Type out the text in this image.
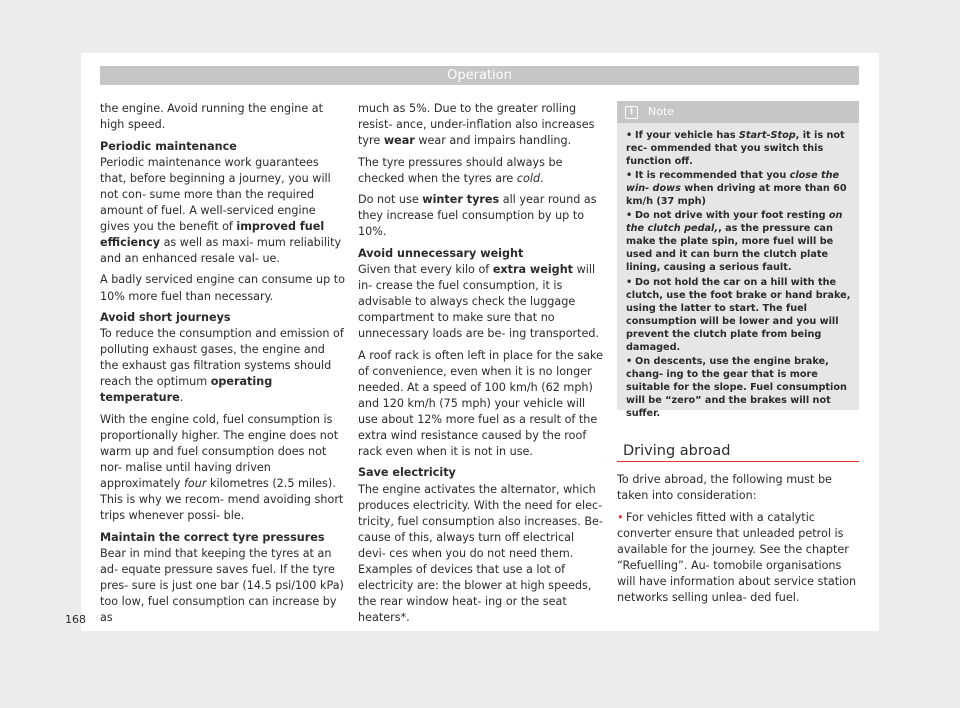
Operation

the engine. Avoid running the engine at high speed.

Periodic maintenance

Periodic maintenance work guarantees that, before beginning a journey, you will not con- sume more than the required amount of fuel. A well-serviced engine gives you the benefit of improved fuel efficiency as well as maxi- mum reliability and an enhanced resale val- ue.

A badly serviced engine can consume up to 10% more fuel than necessary.

Avoid short journeys

To reduce the consumption and emission of polluting exhaust gases, the engine and the exhaust gas filtration systems should reach the optimum operating temperature.

With the engine cold, fuel consumption is proportionally higher. The engine does not warm up and fuel consumption does not nor- malise until having driven approximately four kilometres (2.5 miles). This is why we recom- mend avoiding short trips whenever possi- ble.

Maintain the correct tyre pressures

Bear in mind that keeping the tyres at an ad- equate pressure saves fuel. If the tyre pres- sure is just one bar (14.5 psi/100 kPa) too low, fuel consumption can increase by as

much as 5%. Due to the greater rolling resist- ance, under-inflation also increases tyre wear wear and impairs handling.

The tyre pressures should always be checked when the tyres are cold.

Do not use winter tyres all year round as they increase fuel consumption by up to 10%.

Avoid unnecessary weight

Given that every kilo of extra weight will in- crease the fuel consumption, it is advisable to always check the luggage compartment to make sure that no unnecessary loads are be- ing transported.

A roof rack is often left in place for the sake of convenience, even when it is no longer needed. At a speed of 100 km/h (62 mph) and 120 km/h (75 mph) your vehicle will use about 12% more fuel as a result of the extra wind resistance caused by the roof rack even when it is not in use.

Save electricity

The engine activates the alternator, which produces electricity. With the need for elec- tricity, fuel consumption also increases. Be- cause of this, always turn off electrical devi- ces when you do not need them. Examples of devices that use a lot of electricity are: the blower at high speeds, the rear window heat- ing or the seat heaters*.

i	Note
• If your vehicle has Start-Stop, it is not rec- ommended that you switch this function off.
• It is recommended that you close the win- dows when driving at more than 60 km/h (37 mph)
• Do not drive with your foot resting on the clutch pedal,, as the pressure can make the plate spin, more fuel will be used and it can burn the clutch plate lining, causing a serious fault.
• Do not hold the car on a hill with the clutch, use the foot brake or hand brake, using the latter to start. The fuel consumption will be lower and you will prevent the clutch plate from being damaged.
• On descents, use the engine brake, chang- ing to the gear that is more suitable for the slope. Fuel consumption will be “zero” and the brakes will not suffer.
Driving abroad

To drive abroad, the following must be taken into consideration:

• For vehicles fitted with a catalytic converter ensure that unleaded petrol is available for the journey. See the chapter “Refuelling”. Au- tomobile organisations will have information about service station networks selling unlea- ded fuel.

168
